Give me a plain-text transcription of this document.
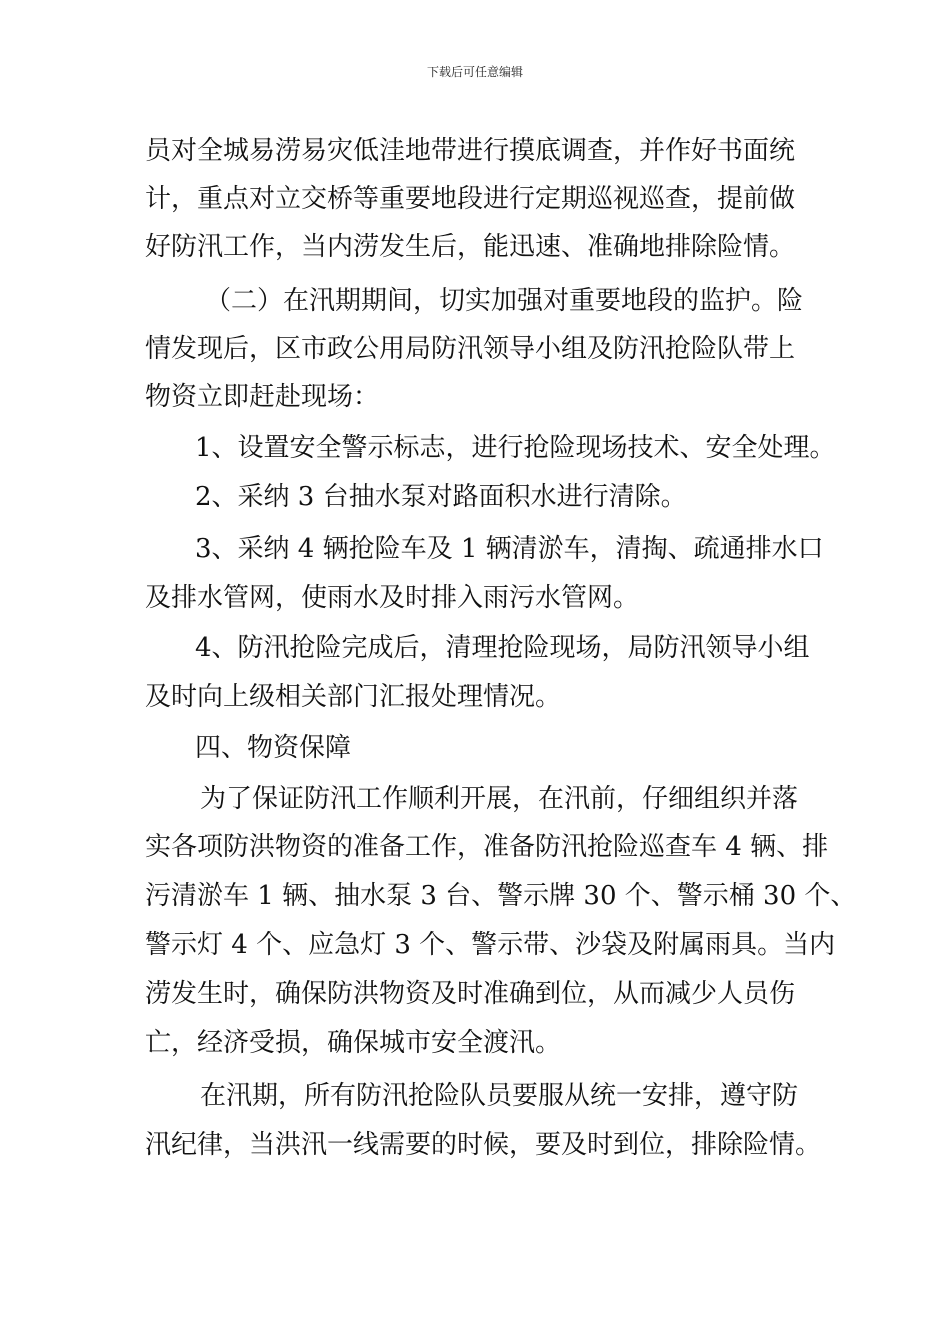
下载后可任意编辑
员对全城易涝易灾低洼地带进行摸底调查，并作好书面统
计，重点对立交桥等重要地段进行定期巡视巡查，提前做
好防汛工作，当内涝发生后，能迅速、准确地排除险情。
（二）在汛期期间，切实加强对重要地段的监护。险
情发现后，区市政公用局防汛领导小组及防汛抢险队带上
物资立即赶赴现场：
1、设置安全警示标志，进行抢险现场技术、安全处理。
2、采纳 3 台抽水泵对路面积水进行清除。
3、采纳 4 辆抢险车及 1 辆清淤车，清掏、疏通排水口
及排水管网，使雨水及时排入雨污水管网。
4、防汛抢险完成后，清理抢险现场，局防汛领导小组
及时向上级相关部门汇报处理情况。
四、物资保障
为了保证防汛工作顺利开展，在汛前，仔细组织并落
实各项防洪物资的准备工作，准备防汛抢险巡查车 4 辆、排
污清淤车 1 辆、抽水泵 3 台、警示牌 30 个、警示桶 30 个、
警示灯 4 个、应急灯 3 个、警示带、沙袋及附属雨具。当内
涝发生时，确保防洪物资及时准确到位，从而减少人员伤
亡，经济受损，确保城市安全渡汛。
在汛期，所有防汛抢险队员要服从统一安排，遵守防
汛纪律，当洪汛一线需要的时候，要及时到位，排除险情。
